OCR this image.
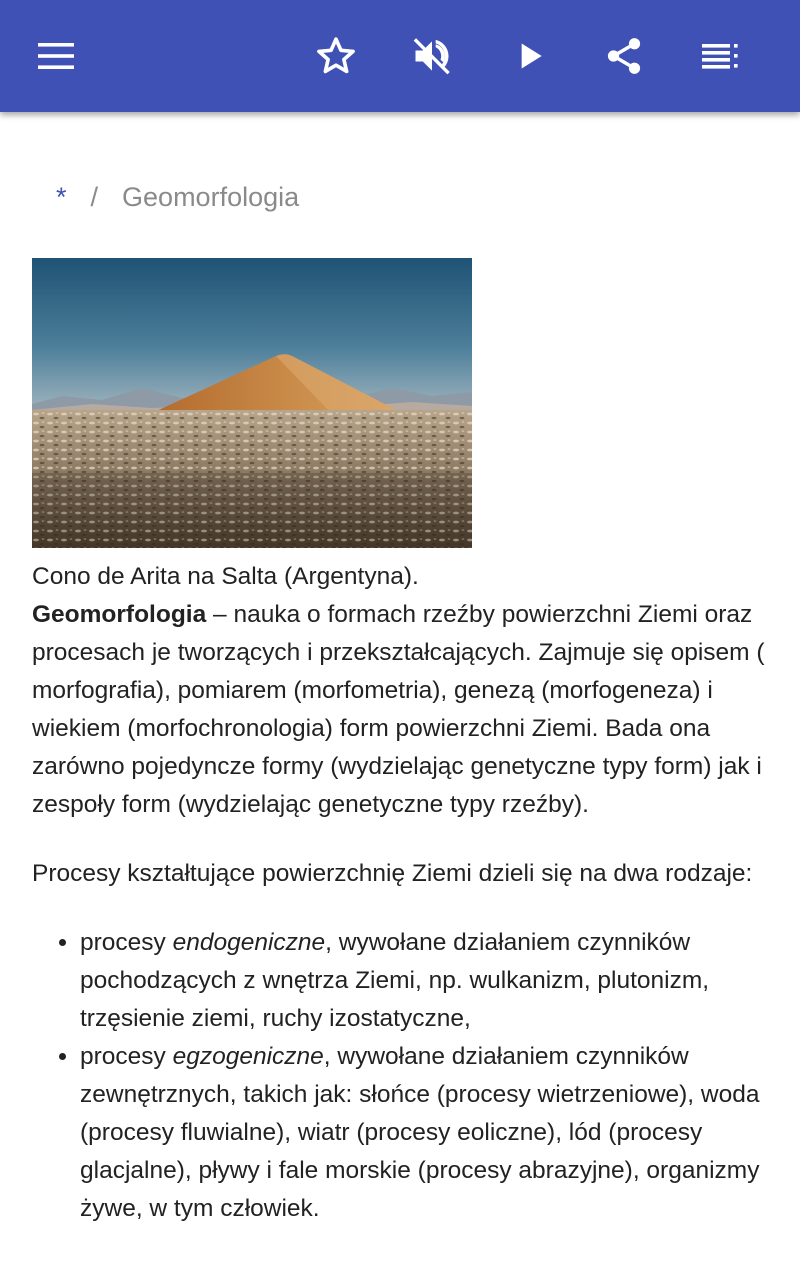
* / Geomorfologia

Cono de Arita na Salta (Argentyna).

Geomorfologia – nauka o formach rzeźby powierzchni Ziemi oraz procesach je tworzących i przekształcających. Zajmuje się opisem ( morfografia), pomiarem (morfometria), genezą (morfogeneza) i wiekiem (morfochronologia) form powierzchni Ziemi. Bada ona zarówno pojedyncze formy (wydzielając genetyczne typy form) jak i zespoły form (wydzielając genetyczne typy rzeźby).

Procesy kształtujące powierzchnię Ziemi dzieli się na dwa rodzaje:

• procesy endogeniczne, wywołane działaniem czynników pochodzących z wnętrza Ziemi, np. wulkanizm, plutonizm, trzęsienie ziemi, ruchy izostatyczne,
• procesy egzogeniczne, wywołane działaniem czynników zewnętrznych, takich jak: słońce (procesy wietrzeniowe), woda (procesy fluwialne), wiatr (procesy eoliczne), lód (procesy glacjalne), pływy i fale morskie (procesy abrazyjne), organizmy żywe, w tym człowiek.
